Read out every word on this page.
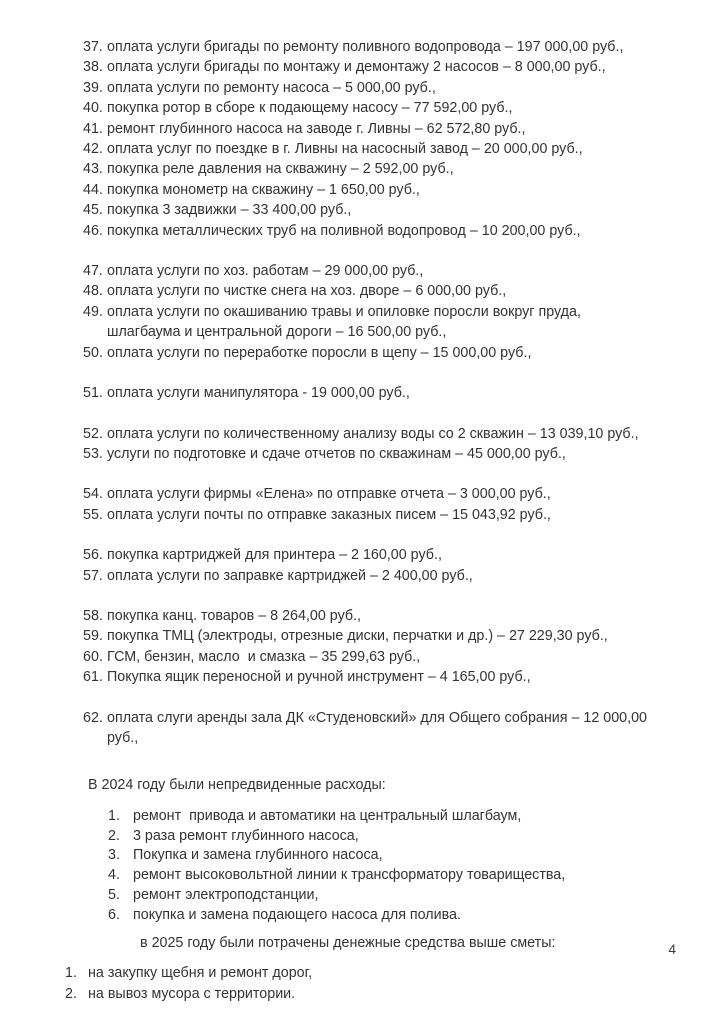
37. оплата услуги бригады по ремонту поливного водопровода – 197 000,00 руб.,
38. оплата услуги бригады по монтажу и демонтажу 2 насосов – 8 000,00 руб.,
39. оплата услуги по ремонту насоса – 5 000,00 руб.,
40. покупка ротор в сборе к подающему насосу – 77 592,00 руб.,
41. ремонт глубинного насоса на заводе г. Ливны – 62 572,80 руб.,
42. оплата услуг по поездке в г. Ливны на насосный завод – 20 000,00 руб.,
43. покупка реле давления на скважину – 2 592,00 руб.,
44. покупка монометр на скважину – 1 650,00 руб.,
45. покупка 3 задвижки – 33 400,00 руб.,
46. покупка металлических труб на поливной водопровод – 10 200,00 руб.,
47. оплата услуги по хоз. работам – 29 000,00 руб.,
48. оплата услуги по чистке снега на хоз. дворе – 6 000,00 руб.,
49. оплата услуги по окашиванию травы и опиловке поросли вокруг пруда, шлагбаума и центральной дороги – 16 500,00 руб.,
50. оплата услуги по переработке поросли в щепу – 15 000,00 руб.,
51. оплата услуги манипулятора - 19 000,00 руб.,
52. оплата услуги по количественному анализу воды со 2 скважин – 13 039,10 руб.,
53. услуги по подготовке и сдаче отчетов по скважинам – 45 000,00 руб.,
54. оплата услуги фирмы «Елена» по отправке отчета – 3 000,00 руб.,
55. оплата услуги почты по отправке заказных писем – 15 043,92 руб.,
56. покупка картриджей для принтера – 2 160,00 руб.,
57. оплата услуги по заправке картриджей – 2 400,00 руб.,
58. покупка канц. товаров – 8 264,00 руб.,
59. покупка ТМЦ (электроды, отрезные диски, перчатки и др.) – 27 229,30 руб.,
60. ГСМ, бензин, масло  и смазка – 35 299,63 руб.,
61. Покупка ящик переносной и ручной инструмент – 4 165,00 руб.,
62. оплата слуги аренды зала ДК «Студеновский» для Общего собрания – 12 000,00 руб.,
В 2024 году были непредвиденные расходы:
1. ремонт  привода и автоматики на центральный шлагбаум,
2. 3 раза ремонт глубинного насоса,
3. Покупка и замена глубинного насоса,
4. ремонт высоковольтной линии к трансформатору товарищества,
5. ремонт электроподстанции,
6. покупка и замена подающего насоса для полива.
в 2025 году были потрачены денежные средства выше сметы:
1. на закупку щебня и ремонт дорог,
2. на вывоз мусора с территории.
4
